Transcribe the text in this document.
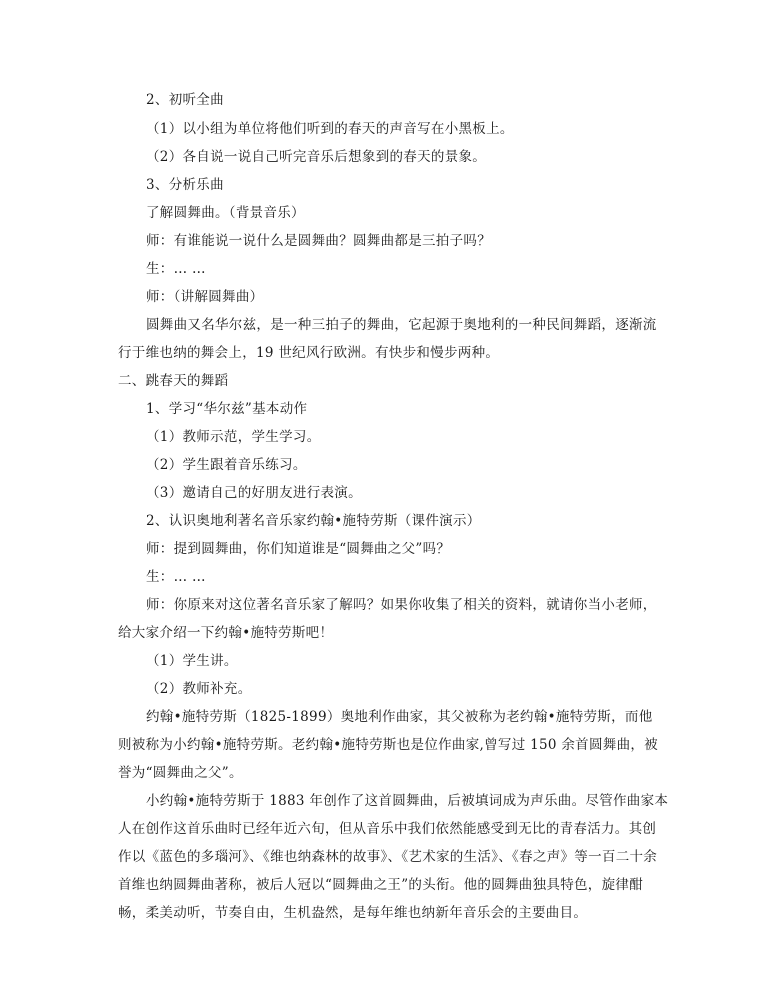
2、初听全曲
（1）以小组为单位将他们听到的春天的声音写在小黑板上。
（2）各自说一说自己听完音乐后想象到的春天的景象。
3、分析乐曲
了解圆舞曲。（背景音乐）
师：有谁能说一说什么是圆舞曲？圆舞曲都是三拍子吗？
生：… …
师：（讲解圆舞曲）
圆舞曲又名华尔兹，是一种三拍子的舞曲，它起源于奥地利的一种民间舞蹈，逐渐流
行于维也纳的舞会上，19 世纪风行欧洲。有快步和慢步两种。
二、跳春天的舞蹈
1、学习“华尔兹”基本动作
（1）教师示范，学生学习。
（2）学生跟着音乐练习。
（3）邀请自己的好朋友进行表演。
2、认识奥地利著名音乐家约翰•施特劳斯（课件演示）
师：提到圆舞曲，你们知道谁是“圆舞曲之父”吗？
生：… …
师：你原来对这位著名音乐家了解吗？如果你收集了相关的资料，就请你当小老师，
给大家介绍一下约翰•施特劳斯吧！
（1）学生讲。
（2）教师补充。
约翰•施特劳斯（1825-1899）奥地利作曲家，其父被称为老约翰•施特劳斯，而他
则被称为小约翰•施特劳斯。老约翰•施特劳斯也是位作曲家,曾写过 150 余首圆舞曲，被
誉为“圆舞曲之父”。
小约翰•施特劳斯于 1883 年创作了这首圆舞曲，后被填词成为声乐曲。尽管作曲家本
人在创作这首乐曲时已经年近六旬，但从音乐中我们依然能感受到无比的青春活力。其创
作以《蓝色的多瑙河》、《维也纳森林的故事》、《艺术家的生活》、《春之声》等一百二十余
首维也纳圆舞曲著称，被后人冠以“圆舞曲之王”的头衔。他的圆舞曲独具特色，旋律酣
畅，柔美动听，节奏自由，生机盎然，是每年维也纳新年音乐会的主要曲目。
